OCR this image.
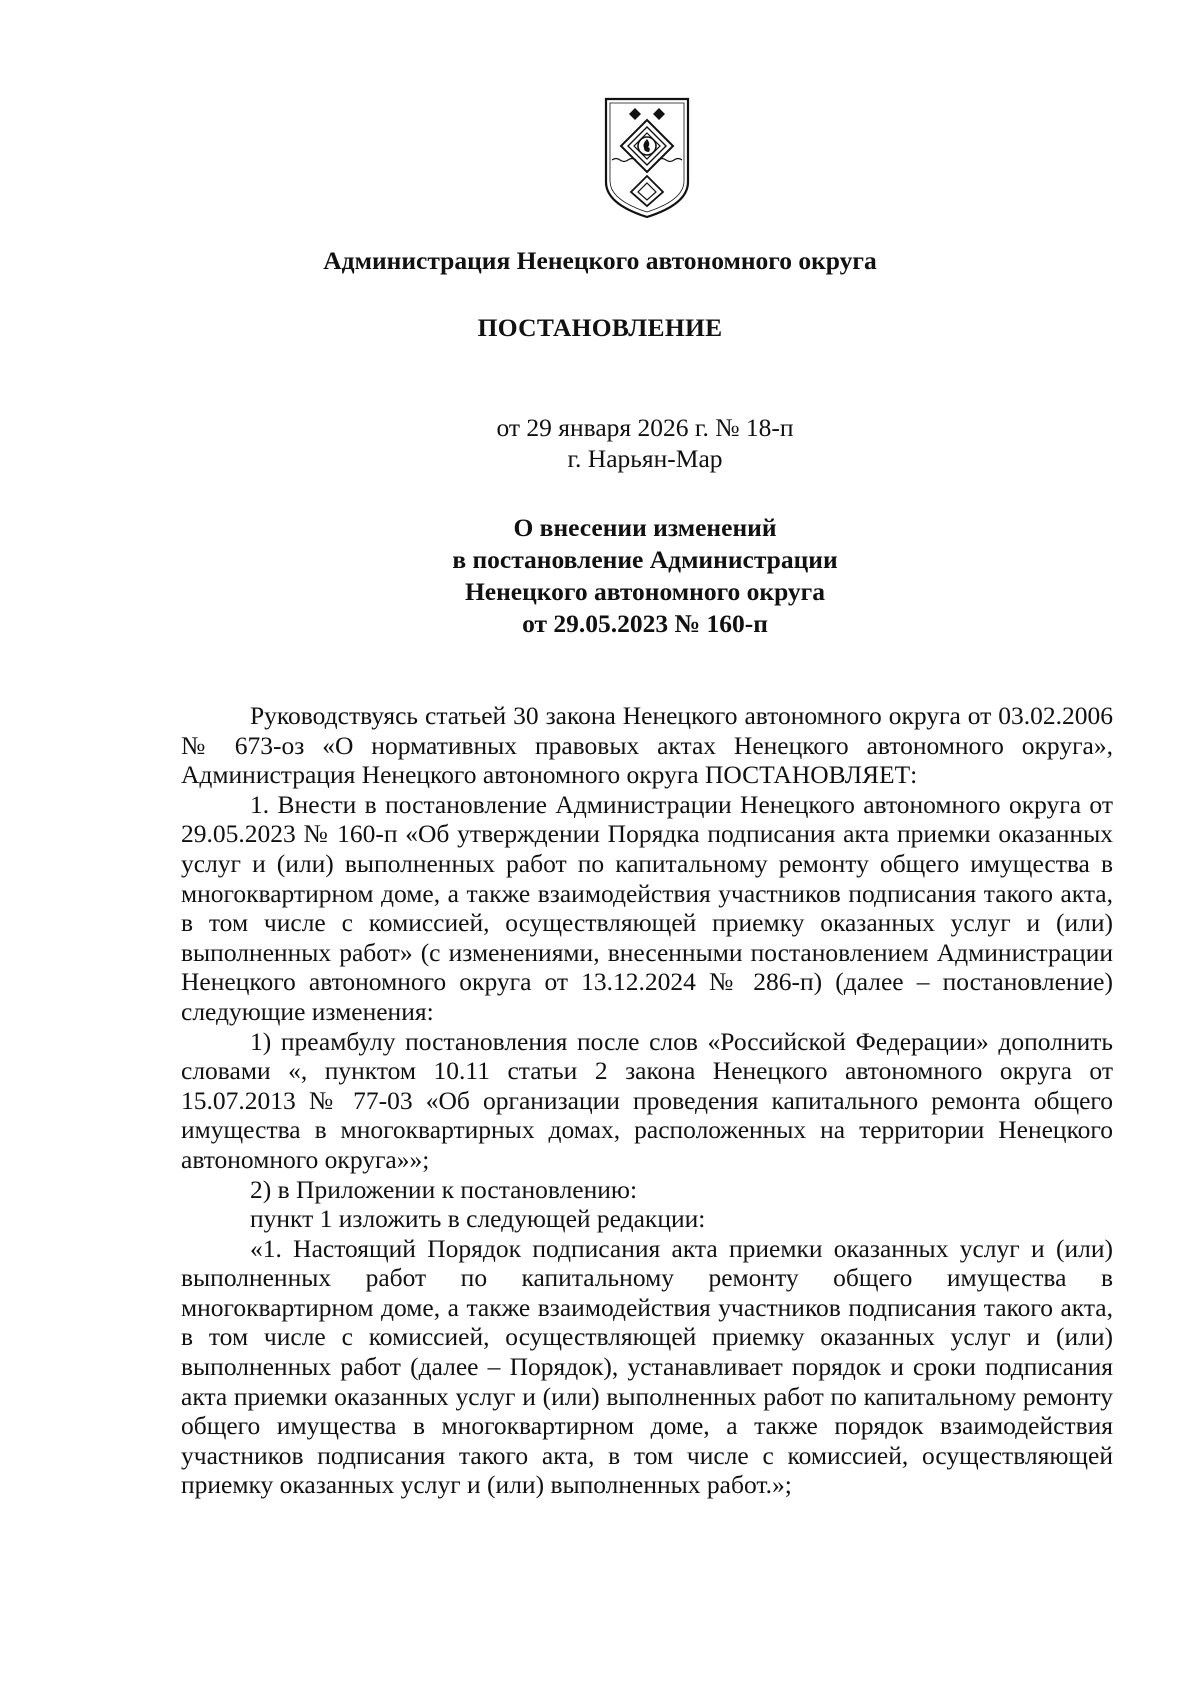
Администрация Ненецкого автономного округа
ПОСТАНОВЛЕНИЕ
от 29 января 2026 г. № 18-п
г. Нарьян-Мар
О внесении изменений
в постановление Администрации
Ненецкого автономного округа
от 29.05.2023 № 160-п

Руководствуясь статьей 30 закона Ненецкого автономного округа от 03.02.2006 № 673-оз «О нормативных правовых актах Ненецкого автономного округа», Администрация Ненецкого автономного округа ПОСТАНОВЛЯЕТ:

1. Внести в постановление Администрации Ненецкого автономного округа от 29.05.2023 № 160-п «Об утверждении Порядка подписания акта приемки оказанных услуг и (или) выполненных работ по капитальному ремонту общего имущества в многоквартирном доме, а также взаимодействия участников подписания такого акта, в том числе с комиссией, осуществляющей приемку оказанных услуг и (или) выполненных работ» (с изменениями, внесенными постановлением Администрации Ненецкого автономного округа от 13.12.2024 № 286-п) (далее – постановление) следующие изменения:

1) преамбулу постановления после слов «Российской Федерации» дополнить словами «, пунктом 10.11 статьи 2 закона Ненецкого автономного округа от 15.07.2013 № 77-03 «Об организации проведения капитального ремонта общего имущества в многоквартирных домах, расположенных на территории Ненецкого автономного округа»»;

2) в Приложении к постановлению:

пункт 1 изложить в следующей редакции:

«1. Настоящий Порядок подписания акта приемки оказанных услуг и (или) выполненных работ по капитальному ремонту общего имущества в многоквартирном доме, а также взаимодействия участников подписания такого акта, в том числе с комиссией, осуществляющей приемку оказанных услуг и (или) выполненных работ (далее – Порядок), устанавливает порядок и сроки подписания акта приемки оказанных услуг и (или) выполненных работ по капитальному ремонту общего имущества в многоквартирном доме, а также порядок взаимодействия участников подписания такого акта, в том числе с комиссией, осуществляющей приемку оказанных услуг и (или) выполненных работ.»;
